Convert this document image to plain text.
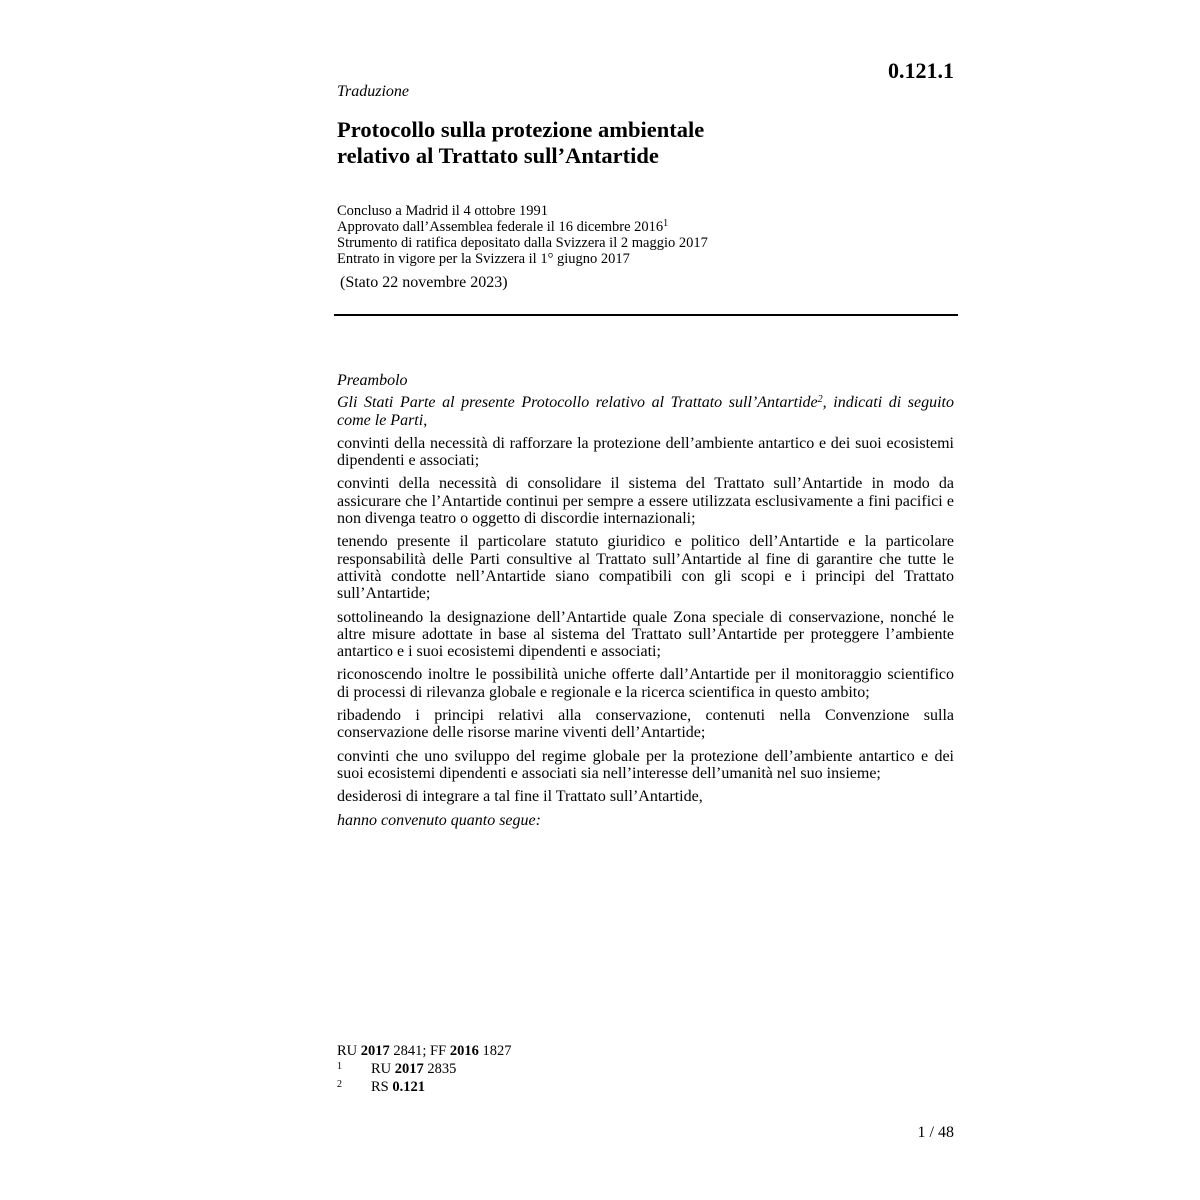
0.121.1
Traduzione
Protocollo sulla protezione ambientale
relativo al Trattato sull’Antartide
Concluso a Madrid il 4 ottobre 1991
Approvato dall’Assemblea federale il 16 dicembre 2016$^1$
Strumento di ratifica depositato dalla Svizzera il 2 maggio 2017
Entrato in vigore per la Svizzera il 1° giugno 2017
(Stato 22 novembre 2023)
Preambolo

Gli Stati Parte al presente Protocollo relativo al Trattato sull’Antartide$^2$, indicati di seguito come le Parti,

convinti della necessità di rafforzare la protezione dell’ambiente antartico e dei suoi ecosistemi dipendenti e associati;

convinti della necessità di consolidare il sistema del Trattato sull’Antartide in modo da assicurare che l’Antartide continui per sempre a essere utilizzata esclusivamente a fini pacifici e non divenga teatro o oggetto di discordie internazionali;

tenendo presente il particolare statuto giuridico e politico dell’Antartide e la particolare responsabilità delle Parti consultive al Trattato sull’Antartide al fine di garantire che tutte le attività condotte nell’Antartide siano compatibili con gli scopi e i principi del Trattato sull’Antartide;

sottolineando la designazione dell’Antartide quale Zona speciale di conservazione, nonché le altre misure adottate in base al sistema del Trattato sull’Antartide per proteggere l’ambiente antartico e i suoi ecosistemi dipendenti e associati;

riconoscendo inoltre le possibilità uniche offerte dall’Antartide per il monitoraggio scientifico di processi di rilevanza globale e regionale e la ricerca scientifica in questo ambito;

ribadendo i principi relativi alla conservazione, contenuti nella Convenzione sulla conservazione delle risorse marine viventi dell’Antartide;

convinti che uno sviluppo del regime globale per la protezione dell’ambiente antartico e dei suoi ecosistemi dipendenti e associati sia nell’interesse dell’umanità nel suo insieme;

desiderosi di integrare a tal fine il Trattato sull’Antartide,

hanno convenuto quanto segue:

RU 2017 2841; FF 2016 1827
1 RU 2017 2835
2 RS 0.121
1 / 48
